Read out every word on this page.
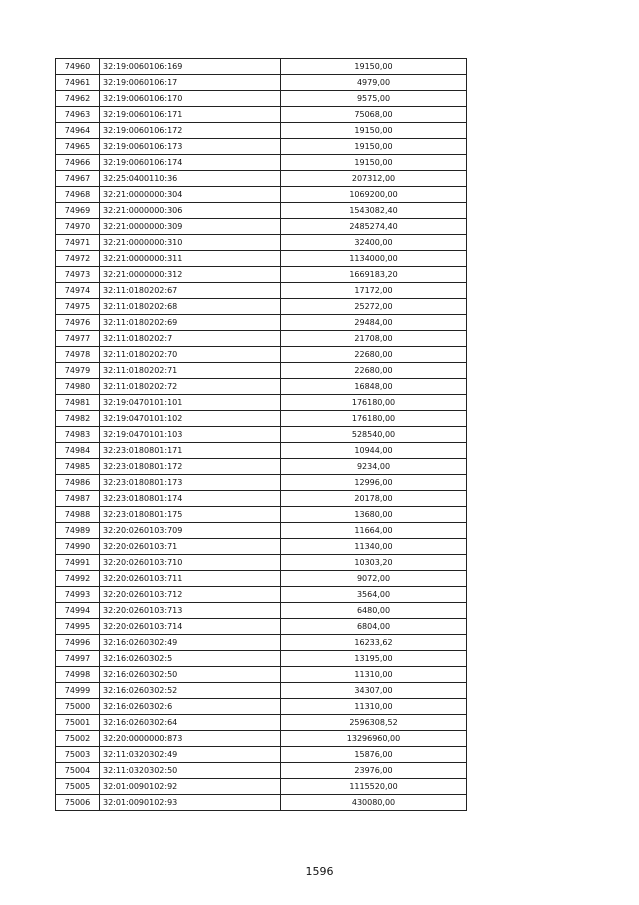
74960	32:19:0060106:169	19150,00
74961	32:19:0060106:17	4979,00
74962	32:19:0060106:170	9575,00
74963	32:19:0060106:171	75068,00
74964	32:19:0060106:172	19150,00
74965	32:19:0060106:173	19150,00
74966	32:19:0060106:174	19150,00
74967	32:25:0400110:36	207312,00
74968	32:21:0000000:304	1069200,00
74969	32:21:0000000:306	1543082,40
74970	32:21:0000000:309	2485274,40
74971	32:21:0000000:310	32400,00
74972	32:21:0000000:311	1134000,00
74973	32:21:0000000:312	1669183,20
74974	32:11:0180202:67	17172,00
74975	32:11:0180202:68	25272,00
74976	32:11:0180202:69	29484,00
74977	32:11:0180202:7	21708,00
74978	32:11:0180202:70	22680,00
74979	32:11:0180202:71	22680,00
74980	32:11:0180202:72	16848,00
74981	32:19:0470101:101	176180,00
74982	32:19:0470101:102	176180,00
74983	32:19:0470101:103	528540,00
74984	32:23:0180801:171	10944,00
74985	32:23:0180801:172	9234,00
74986	32:23:0180801:173	12996,00
74987	32:23:0180801:174	20178,00
74988	32:23:0180801:175	13680,00
74989	32:20:0260103:709	11664,00
74990	32:20:0260103:71	11340,00
74991	32:20:0260103:710	10303,20
74992	32:20:0260103:711	9072,00
74993	32:20:0260103:712	3564,00
74994	32:20:0260103:713	6480,00
74995	32:20:0260103:714	6804,00
74996	32:16:0260302:49	16233,62
74997	32:16:0260302:5	13195,00
74998	32:16:0260302:50	11310,00
74999	32:16:0260302:52	34307,00
75000	32:16:0260302:6	11310,00
75001	32:16:0260302:64	2596308,52
75002	32:20:0000000:873	13296960,00
75003	32:11:0320302:49	15876,00
75004	32:11:0320302:50	23976,00
75005	32:01:0090102:92	1115520,00
75006	32:01:0090102:93	430080,00
1596
